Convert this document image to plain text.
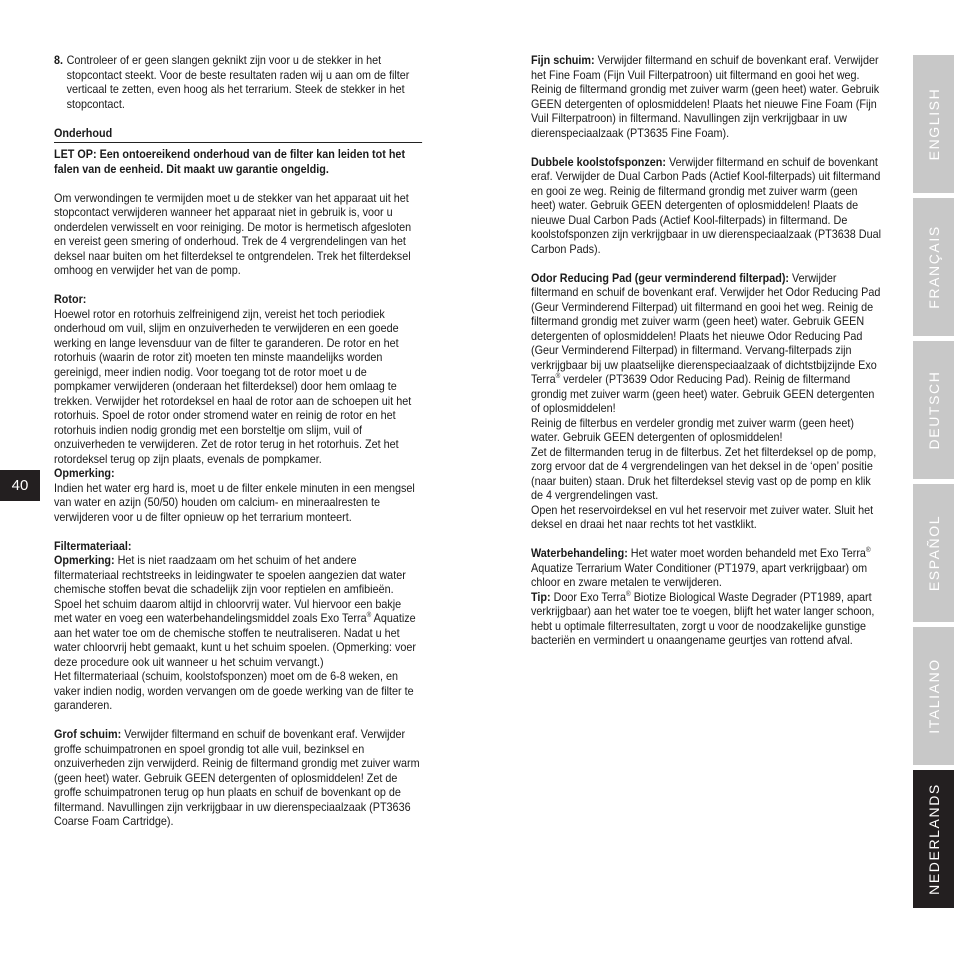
8. Controleer of er geen slangen geknikt zijn voor u de stekker in het stopcontact steekt. Voor de beste resultaten raden wij u aan om de filter verticaal te zetten, even hoog als het terrarium. Steek de stekker in het stopcontact.

Onderhoud

LET OP: Een ontoereikend onderhoud van de filter kan leiden tot het falen van de eenheid. Dit maakt uw garantie ongeldig.

Om verwondingen te vermijden moet u de stekker van het apparaat uit het stopcontact verwijderen wanneer het apparaat niet in gebruik is, voor u onderdelen verwisselt en voor reiniging. De motor is hermetisch afgesloten en vereist geen smering of onderhoud. Trek de 4 vergrendelingen van het deksel naar buiten om het filterdeksel te ontgrendelen. Trek het filterdeksel omhoog en verwijder het van de pomp.

Rotor:

Hoewel rotor en rotorhuis zelfreinigend zijn, vereist het toch periodiek onderhoud om vuil, slijm en onzuiverheden te verwijderen en een goede werking en lange levensduur van de filter te garanderen. De rotor en het rotorhuis (waarin de rotor zit) moeten ten minste maandelijks worden gereinigd, meer indien nodig. Voor toegang tot de rotor moet u de pompkamer verwijderen (onderaan het filterdeksel) door hem omlaag te trekken. Verwijder het rotordeksel en haal de rotor aan de schoepen uit het rotorhuis. Spoel de rotor onder stromend water en reinig de rotor en het rotorhuis indien nodig grondig met een borsteltje om slijm, vuil of onzuiverheden te verwijderen. Zet de rotor terug in het rotorhuis. Zet het rotordeksel terug op zijn plaats, evenals de pompkamer.

Opmerking:

Indien het water erg hard is, moet u de filter enkele minuten in een mengsel van water en azijn (50/50) houden om calcium- en mineraalresten te verwijderen voor u de filter opnieuw op het terrarium monteert.

Filtermateriaal:

Opmerking: Het is niet raadzaam om het schuim of het andere filtermateriaal rechtstreeks in leidingwater te spoelen aangezien dat water chemische stoffen bevat die schadelijk zijn voor reptielen en amfibieën. Spoel het schuim daarom altijd in chloorvrij water. Vul hiervoor een bakje met water en voeg een waterbehandelingsmiddel zoals Exo Terra® Aquatize aan het water toe om de chemische stoffen te neutraliseren. Nadat u het water chloorvrij hebt gemaakt, kunt u het schuim spoelen. (Opmerking: voer deze procedure ook uit wanneer u het schuim vervangt.)

Het filtermateriaal (schuim, koolstofsponzen) moet om de 6-8 weken, en vaker indien nodig, worden vervangen om de goede werking van de filter te garanderen.

Grof schuim: Verwijder filtermand en schuif de bovenkant eraf. Verwijder groffe schuimpatronen en spoel grondig tot alle vuil, bezinksel en onzuiverheden zijn verwijderd. Reinig de filtermand grondig met zuiver warm (geen heet) water. Gebruik GEEN detergenten of oplosmiddelen! Zet de groffe schuimpatronen terug op hun plaats en schuif de bovenkant op de filtermand. Navullingen zijn verkrijgbaar in uw dierenspeciaalzaak (PT3636 Coarse Foam Cartridge).

Fijn schuim: Verwijder filtermand en schuif de bovenkant eraf. Verwijder het Fine Foam (Fijn Vuil Filterpatroon) uit filtermand en gooi het weg. Reinig de filtermand grondig met zuiver warm (geen heet) water. Gebruik GEEN detergenten of oplosmiddelen! Plaats het nieuwe Fine Foam (Fijn Vuil Filterpatroon) in filtermand. Navullingen zijn verkrijgbaar in uw dierenspeciaalzaak (PT3635 Fine Foam).

Dubbele koolstofsponzen: Verwijder filtermand en schuif de bovenkant eraf. Verwijder de Dual Carbon Pads (Actief Kool-filterpads) uit filtermand en gooi ze weg. Reinig de filtermand grondig met zuiver warm (geen heet) water. Gebruik GEEN detergenten of oplosmiddelen! Plaats de nieuwe Dual Carbon Pads (Actief Kool-filterpads) in filtermand. De koolstofsponzen zijn verkrijgbaar in uw dierenspeciaalzaak (PT3638 Dual Carbon Pads).

Odor Reducing Pad (geur verminderend filterpad): Verwijder filtermand en schuif de bovenkant eraf. Verwijder het Odor Reducing Pad (Geur Verminderend Filterpad) uit filtermand en gooi het weg. Reinig de filtermand grondig met zuiver warm (geen heet) water. Gebruik GEEN detergenten of oplosmiddelen! Plaats het nieuwe Odor Reducing Pad (Geur Verminderend Filterpad) in filtermand. Vervang-filterpads zijn verkrijgbaar bij uw plaatselijke dierenspeciaalzaak of dichtstbijzijnde Exo Terra® verdeler (PT3639 Odor Reducing Pad). Reinig de filtermand grondig met zuiver warm (geen heet) water. Gebruik GEEN detergenten of oplosmiddelen!

Reinig de filterbus en verdeler grondig met zuiver warm (geen heet) water. Gebruik GEEN detergenten of oplosmiddelen!

Zet de filtermanden terug in de filterbus. Zet het filterdeksel op de pomp, zorg ervoor dat de 4 vergrendelingen van het deksel in de ‘open’ positie (naar buiten) staan. Druk het filterdeksel stevig vast op de pomp en klik de 4 vergrendelingen vast.

Open het reservoirdeksel en vul het reservoir met zuiver water. Sluit het deksel en draai het naar rechts tot het vastklikt.

Waterbehandeling: Het water moet worden behandeld met Exo Terra® Aquatize Terrarium Water Conditioner (PT1979, apart verkrijgbaar) om chloor en zware metalen te verwijderen.

Tip: Door Exo Terra® Biotize Biological Waste Degrader (PT1989, apart verkrijgbaar) aan het water toe te voegen, blijft het water langer schoon, hebt u optimale filterresultaten, zorgt u voor de noodzakelijke gunstige bacteriën en vermindert u onaangename geurtjes van rottend afval.

40
ENGLISH
FRANÇAIS
DEUTSCH
ESPAÑOL
ITALIANO
NEDERLANDS
